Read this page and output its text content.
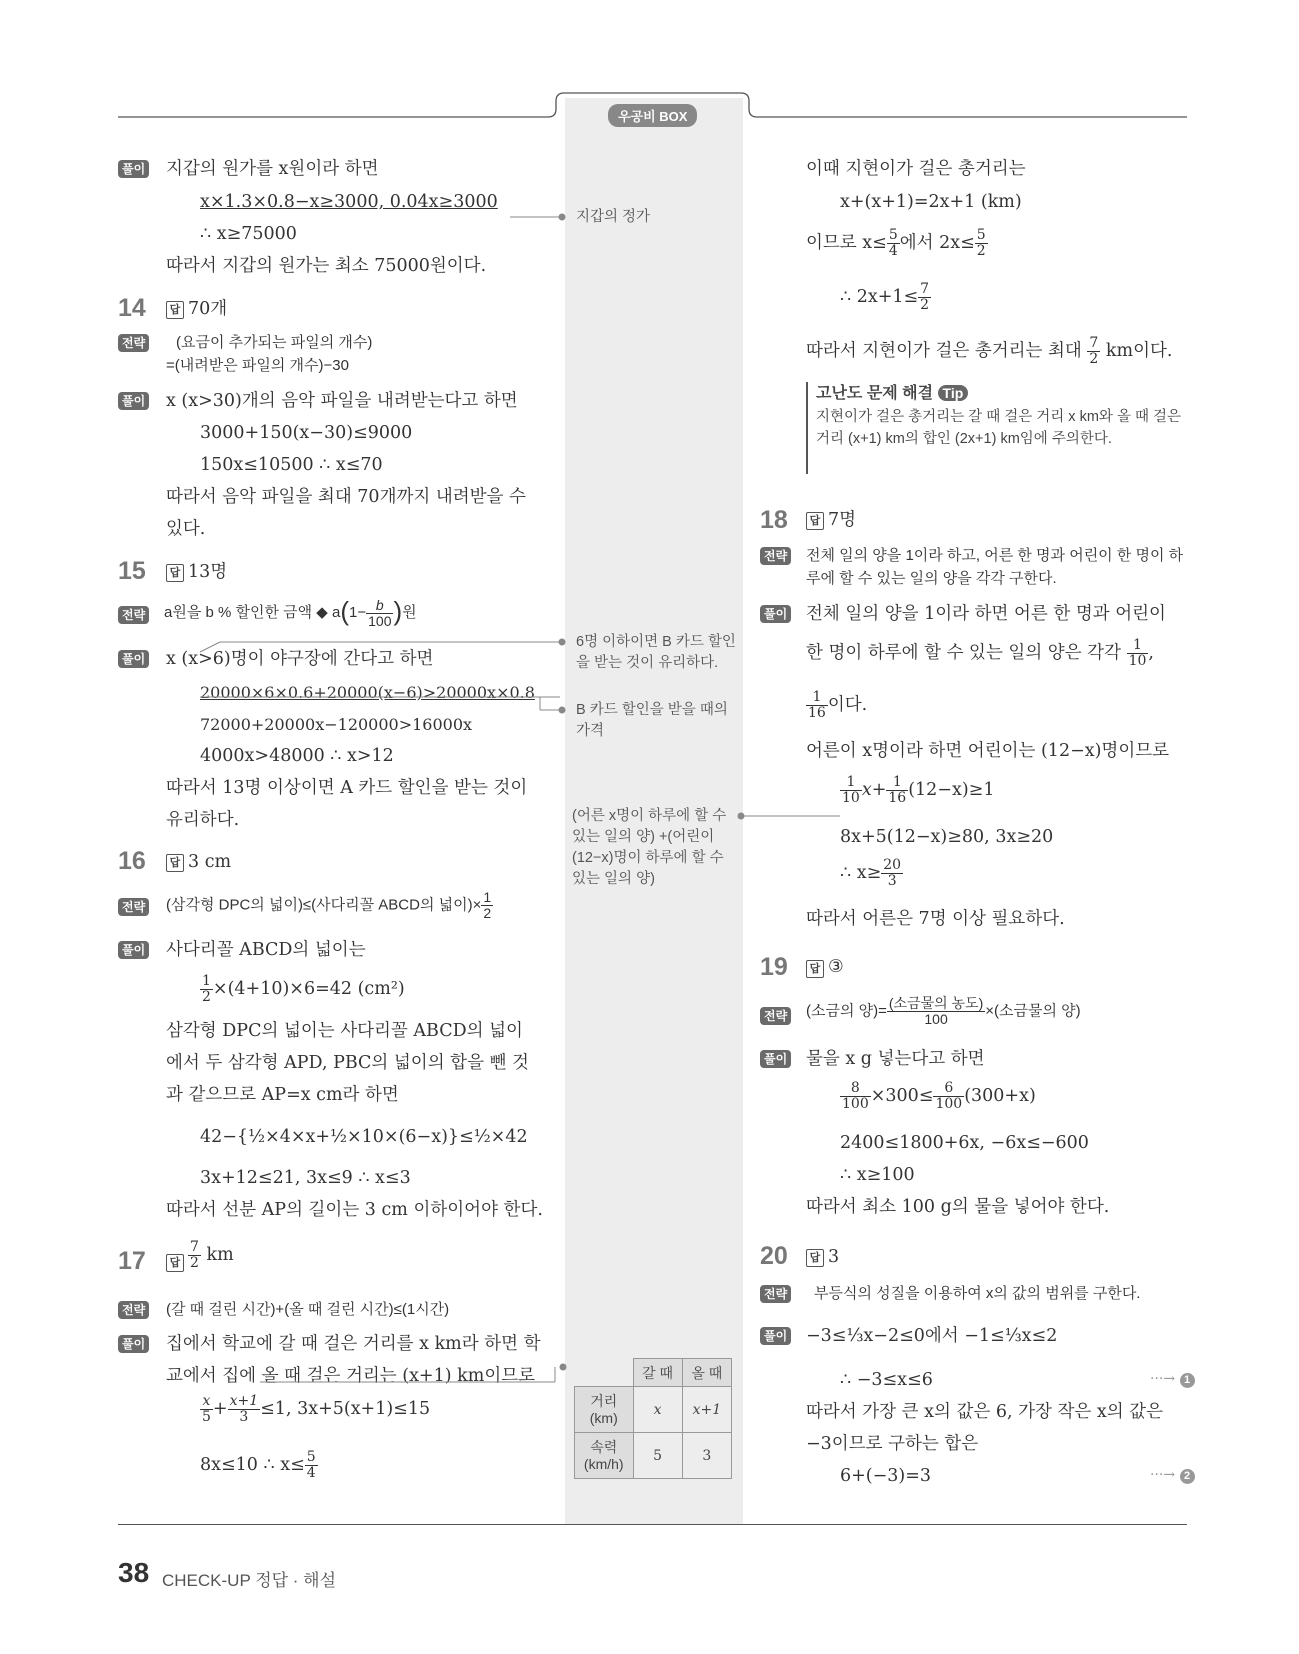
우공비 BOX
풀이 지갑의 원가를 x원이라 하면
x×1.3×0.8−x≥3000, 0.04x≥3000
∴ x≥75000
따라서 지갑의 원가는 최소 75000원이다.
14	답 70개
전략 (요금이 추가되는 파일의 개수)
=(내려받은 파일의 개수)−30
풀이 x (x>30)개의 음악 파일을 내려받는다고 하면
3000+150(x−30)≤9000
150x≤10500 ∴ x≤70
따라서 음악 파일을 최대 70개까지 내려받을 수
있다.
15	답 13명
전략 a원을 b % 할인한 금액 ◆ $a(1- \frac{b}{100}$ )원
풀이 x (x>6)명이 야구장에 간다고 하면
20000×6×0.6+20000(x−6)>20000x×0.8
72000+20000x−120000>16000x
4000x>48000 ∴ x>12
따라서 13명 이상이면 A 카드 할인을 받는 것이
유리하다.
16	답 3 cm
전략 (삼각형 DPC의 넓이)≤(사다리꼴 ABCD의 넓이)× $\frac{1}{2}$
풀이 사다리꼴 ABCD의 넓이는
$\frac{1}{2} \times(4+10)\times 6=42$ (cm²)
삼각형 DPC의 넓이는 사다리꼴 ABCD의 넓이
에서 두 삼각형 APD, PBC의 넓이의 합을 뺀 것
과 같으므로 AP=x cm라 하면
42−{½×4×x+½×10×(6−x)}≤½×42
3x+12≤21, 3x≤9 ∴ x≤3
따라서 선분 AP의 길이는 3 cm 이하이어야 한다.
17	답 $\frac{7}{2}$ km
전략 (갈 때 걸린 시간)+(올 때 걸린 시간)≤(1시간)
풀이 집에서 학교에 갈 때 걸은 거리를 x km라 하면 학
교에서 집에 올 때 걸은 거리는 (x+1) km이므로
$\frac{x}{5} + \frac{x+1}{3} \le 1$, 3x+5(x+1)≤15
8x≤10 ∴ $x\le \frac{5}{4}$
지갑의 정가
6명 이하이면 B 카드 할인을 받는 것이 유리하다.
B 카드 할인을 받을 때의 가격
(어른 x명이 하루에 할 수 있는 일의 양) +(어린이 (12−x)명이 하루에 할 수 있는 일의 양)
	갈 때	올 때
거리
(km)	x	x+1
속력
(km/h)	5	3
이때 지현이가 걸은 총거리는
x+(x+1)=2x+1 (km)
이므로 $x\le \frac{5}{4}$ 에서 $2x\le \frac{5}{2}$
∴ $2x+1\le \frac{7}{2}$
따라서 지현이가 걸은 총거리는 최대 $\frac{7}{2}$ km이다.
고난도 문제 해결 Tip
지현이가 걸은 총거리는 갈 때 걸은 거리 x km와 올 때 걸은 거리 (x+1) km의 합인 (2x+1) km임에 주의한다.
18	답 7명
전략 전체 일의 양을 1이라 하고, 어른 한 명과 어린이 한 명이 하루에 할 수 있는 일의 양을 각각 구한다.
풀이 전체 일의 양을 1이라 하면 어른 한 명과 어린이
한 명이 하루에 할 수 있는 일의 양은 각각 $\frac{1}{10}$ ,
$\frac{1}{16}$ 이다.
어른이 x명이라 하면 어린이는 (12−x)명이므로
$\frac{1}{10} x+ \frac{1}{16} (12-x)\ge 1$
8x+5(12−x)≥80, 3x≥20
∴ $x\ge \frac{20}{3}$
따라서 어른은 7명 이상 필요하다.
19	답 ③
전략 (소금의 양)= $\frac{\text{(소금물의 농도)}}{100}$ ×(소금물의 양)
풀이 물을 x g 넣는다고 하면
$\frac{8}{100} \times 300\le \frac{6}{100} (300+x)$
2400≤1800+6x, −6x≤−600
∴ x≥100
따라서 최소 100 g의 물을 넣어야 한다.
20	답 3
전략 부등식의 성질을 이용하여 x의 값의 범위를 구한다.
풀이 −3≤⅓x−2≤0에서 −1≤⅓x≤2
∴ −3≤x≤6	···→ 1
따라서 가장 큰 x의 값은 6, 가장 작은 x의 값은
−3이므로 구하는 합은
6+(−3)=3	···→ 2
38 CHECK-UP 정답 · 해설
